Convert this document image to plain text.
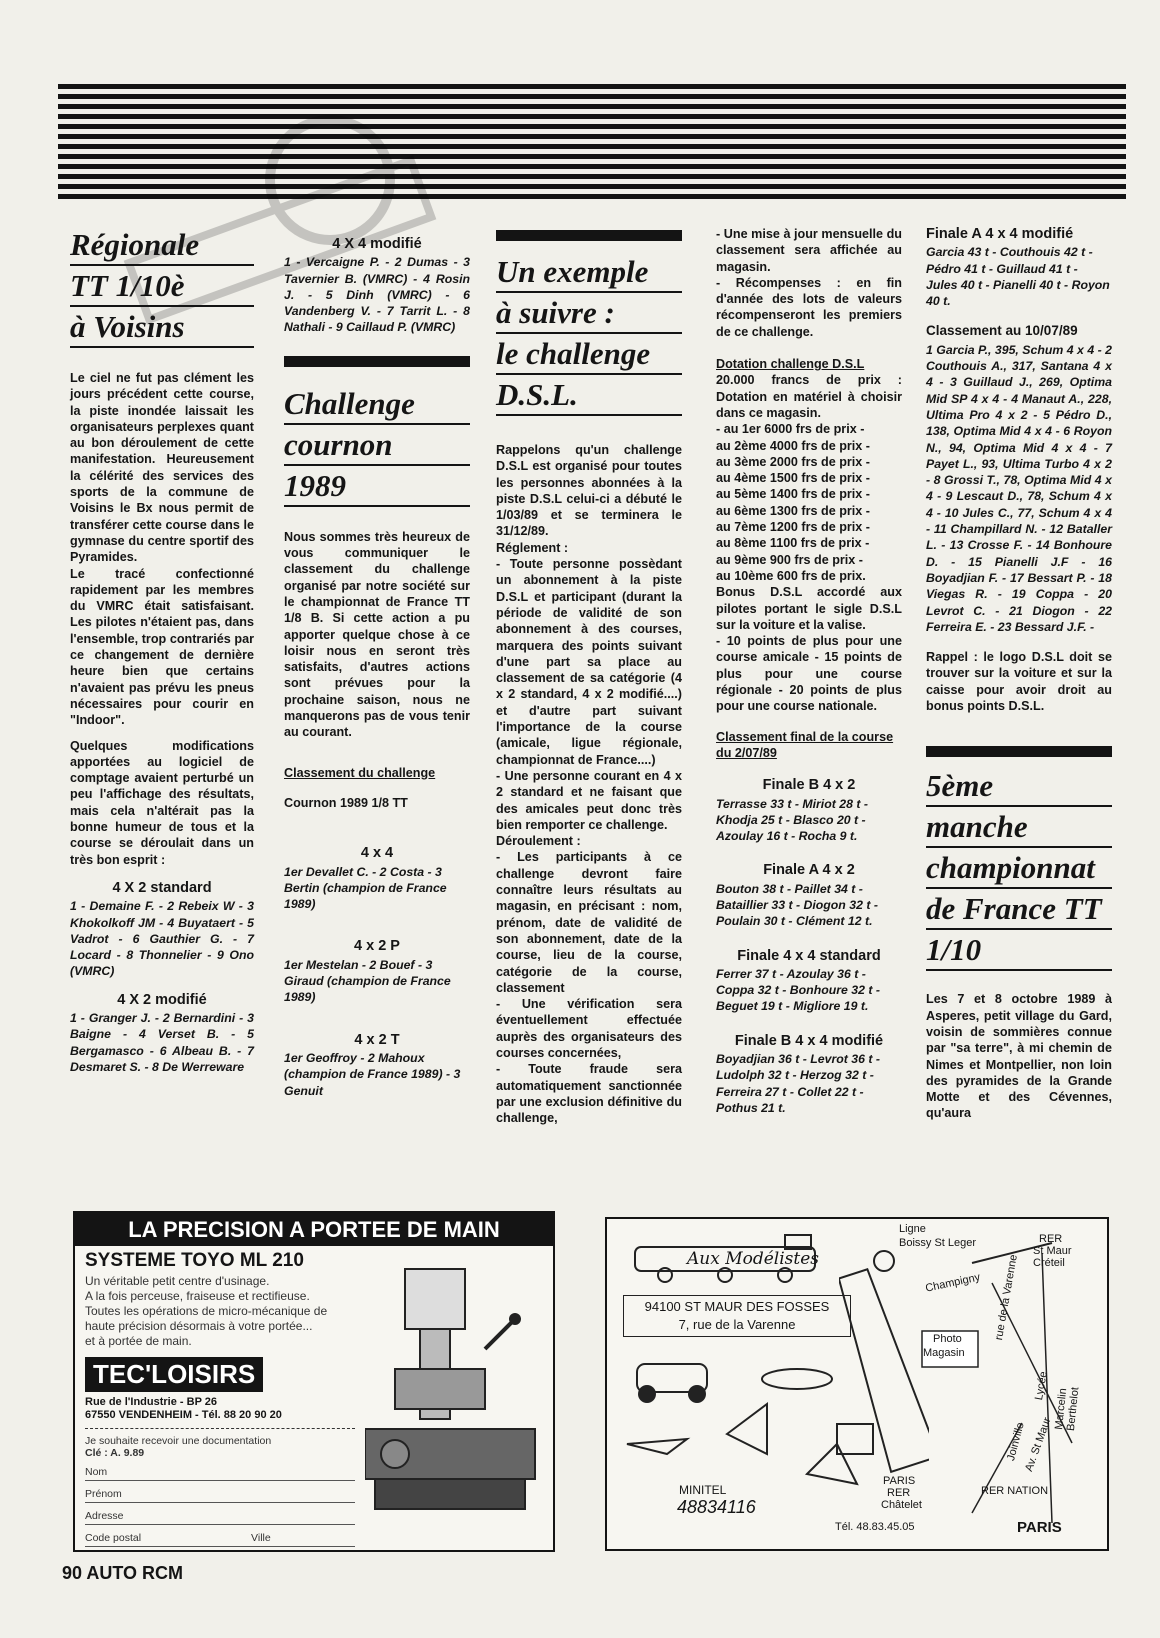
Régionale
TT 1/10è
à Voisins

Le ciel ne fut pas clément les jours précédent cette course, la piste inondée laissait les organisateurs perplexes quant au bon déroulement de cette manifestation. Heureusement la célérité des services des sports de la commune de Voisins le Bx nous permit de transférer cette course dans le gymnase du centre sportif des Pyramides.

Le tracé confectionné rapidement par les membres du VMRC était satisfaisant. Les pilotes n'étaient pas, dans l'ensemble, trop contrariés par ce changement de dernière heure bien que certains n'avaient pas prévu les pneus nécessaires pour courir en "Indoor".

Quelques modifications apportées au logiciel de comptage avaient perturbé un peu l'affichage des résultats, mais cela n'altérait pas la bonne humeur de tous et la course se déroulait dans un très bon esprit :

4 X 2 standard

1 - Demaine F. - 2 Rebeix W - 3 Khokolkoff JM - 4 Buyataert - 5 Vadrot - 6 Gauthier G. - 7 Locard - 8 Thonnelier - 9 Ono (VMRC)

4 X 2 modifié

1 - Granger J. - 2 Bernardini - 3 Baigne - 4 Verset B. - 5 Bergamasco - 6 Albeau B. - 7 Desmaret S. - 8 De Werreware

4 X 4 modifié

1 - Vercaigne P. - 2 Dumas - 3 Tavernier B. (VMRC) - 4 Rosin J. - 5 Dinh (VMRC) - 6 Vandenberg V. - 7 Tarrit L. - 8 Nathali - 9 Caillaud P. (VMRC)

Challenge
cournon
1989

Nous sommes très heureux de vous communiquer le classement du challenge organisé par notre société sur le championnat de France TT 1/8 B. Si cette action a pu apporter quelque chose à ce loisir nous en seront très satisfaits, d'autres actions sont prévues pour la prochaine saison, nous ne manquerons pas de vous tenir au courant.

Classement du challenge

Cournon 1989 1/8 TT

4 x 4

1er Devallet C. - 2 Costa - 3 Bertin (champion de France 1989)

4 x 2 P

1er Mestelan - 2 Bouef - 3 Giraud (champion de France 1989)

4 x 2 T

1er Geoffroy - 2 Mahoux (champion de France 1989) - 3 Genuit

Un exemple
à suivre :
le challenge
D.S.L.

Rappelons qu'un challenge D.S.L est organisé pour toutes les personnes abonnées à la piste D.S.L celui-ci a débuté le 1/03/89 et se terminera le 31/12/89.

Réglement :

- Toute personne possèdant un abonnement à la piste D.S.L et participant (durant la période de validité de son abonnement à des courses, marquera des points suivant d'une part sa place au classement de sa catégorie (4 x 2 standard, 4 x 2 modifié....) et d'autre part suivant l'importance de la course (amicale, ligue régionale, championnat de France....)

- Une personne courant en 4 x 2 standard et ne faisant que des amicales peut donc très bien remporter ce challenge.

Déroulement :

- Les participants à ce challenge devront faire connaître leurs résultats au magasin, en précisant : nom, prénom, date de validité de son abonnement, date de la course, lieu de la course, catégorie de la course, classement

- Une vérification sera éventuellement effectuée auprès des organisateurs des courses concernées,

- Toute fraude sera automatiquement sanctionnée par une exclusion définitive du challenge,

- Une mise à jour mensuelle du classement sera affichée au magasin.

- Récompenses : en fin d'année des lots de valeurs récompenseront les premiers de ce challenge.

Dotation challenge D.S.L

20.000 francs de prix : Dotation en matériel à choisir dans ce magasin.

- au 1er 6000 frs de prix -
au 2ème 4000 frs de prix -
au 3ème 2000 frs de prix -
au 4ème 1500 frs de prix -
au 5ème 1400 frs de prix -
au 6ème 1300 frs de prix -
au 7ème 1200 frs de prix -
au 8ème 1100 frs de prix -
au 9ème 900 frs de prix -
au 10ème 600 frs de prix.

Bonus D.S.L accordé aux pilotes portant le sigle D.S.L sur la voiture et la valise.

- 10 points de plus pour une course amicale - 15 points de plus pour une course régionale - 20 points de plus pour une course nationale.

Classement final de la course du 2/07/89

Finale B 4 x 2

Terrasse 33 t - Miriot 28 t - Khodja 25 t - Blasco 20 t - Azoulay 16 t - Rocha 9 t.

Finale A 4 x 2

Bouton 38 t - Paillet 34 t - Bataillier 33 t - Diogon 32 t - Poulain 30 t - Clément 12 t.

Finale 4 x 4 standard

Ferrer 37 t - Azoulay 36 t - Coppa 32 t - Bonhoure 32 t - Beguet 19 t - Migliore 19 t.

Finale B 4 x 4 modifié

Boyadjian 36 t - Levrot 36 t - Ludolph 32 t - Herzog 32 t - Ferreira 27 t - Collet 22 t - Pothus 21 t.

Finale A 4 x 4 modifié

Garcia 43 t - Couthouis 42 t - Pédro 41 t - Guillaud 41 t - Jules 40 t - Pianelli 40 t - Royon 40 t.

Classement au 10/07/89

1 Garcia P., 395, Schum 4 x 4 - 2 Couthouis A., 317, Santana 4 x 4 - 3 Guillaud J., 269, Optima Mid SP 4 x 4 - 4 Manaut A., 228, Ultima Pro 4 x 2 - 5 Pédro D., 138, Optima Mid 4 x 4 - 6 Royon N., 94, Optima Mid 4 x 4 - 7 Payet L., 93, Ultima Turbo 4 x 2 - 8 Grossi T., 78, Optima Mid 4 x 4 - 9 Lescaut D., 78, Schum 4 x 4 - 10 Jules C., 77, Schum 4 x 4 - 11 Champillard N. - 12 Bataller L. - 13 Crosse F. - 14 Bonhoure D. - 15 Pianelli J.F - 16 Boyadjian F. - 17 Bessart P. - 18 Viegas R. - 19 Coppa - 20 Levrot C. - 21 Diogon - 22 Ferreira E. - 23 Bessard J.F. -

Rappel : le logo D.S.L doit se trouver sur la voiture et sur la caisse pour avoir droit au bonus points D.S.L.

5ème
manche
championnat
de France TT
1/10

Les 7 et 8 octobre 1989 à Asperes, petit village du Gard, voisin de sommières connue par "sa terre", à mi chemin de Nimes et Montpellier, non loin des pyramides de la Grande Motte et des Cévennes, qu'aura

LA PRECISION A PORTEE DE MAIN
SYSTEME TOYO ML 210
Un véritable petit centre d'usinage.
A la fois perceuse, fraiseuse et rectifieuse.
Toutes les opérations de micro-mécanique de
haute précision désormais à votre portée...
et à portée de main.
TEC'LOISIRS
Rue de l'Industrie - BP 26
67550 VENDENHEIM - Tél. 88 20 90 20
Je souhaite recevoir une documentation
Clé : A. 9.89
Nom
Prénom
Adresse
Code postal	Ville
Aux Modélistes
94100 ST MAUR DES FOSSES
7, rue de la Varenne
MINITEL
48834116
Ligne
Boissy St Leger	RER
St Maur
Créteil
Champigny
Photo
Magasin
rue de la Varenne
Lycée
Marcelin Berthelot
Joinville
Av. St Maur
PARIS
RER
Châtelet
RER NATION
PARIS
Tél. 48.83.45.05
90 AUTO RCM
